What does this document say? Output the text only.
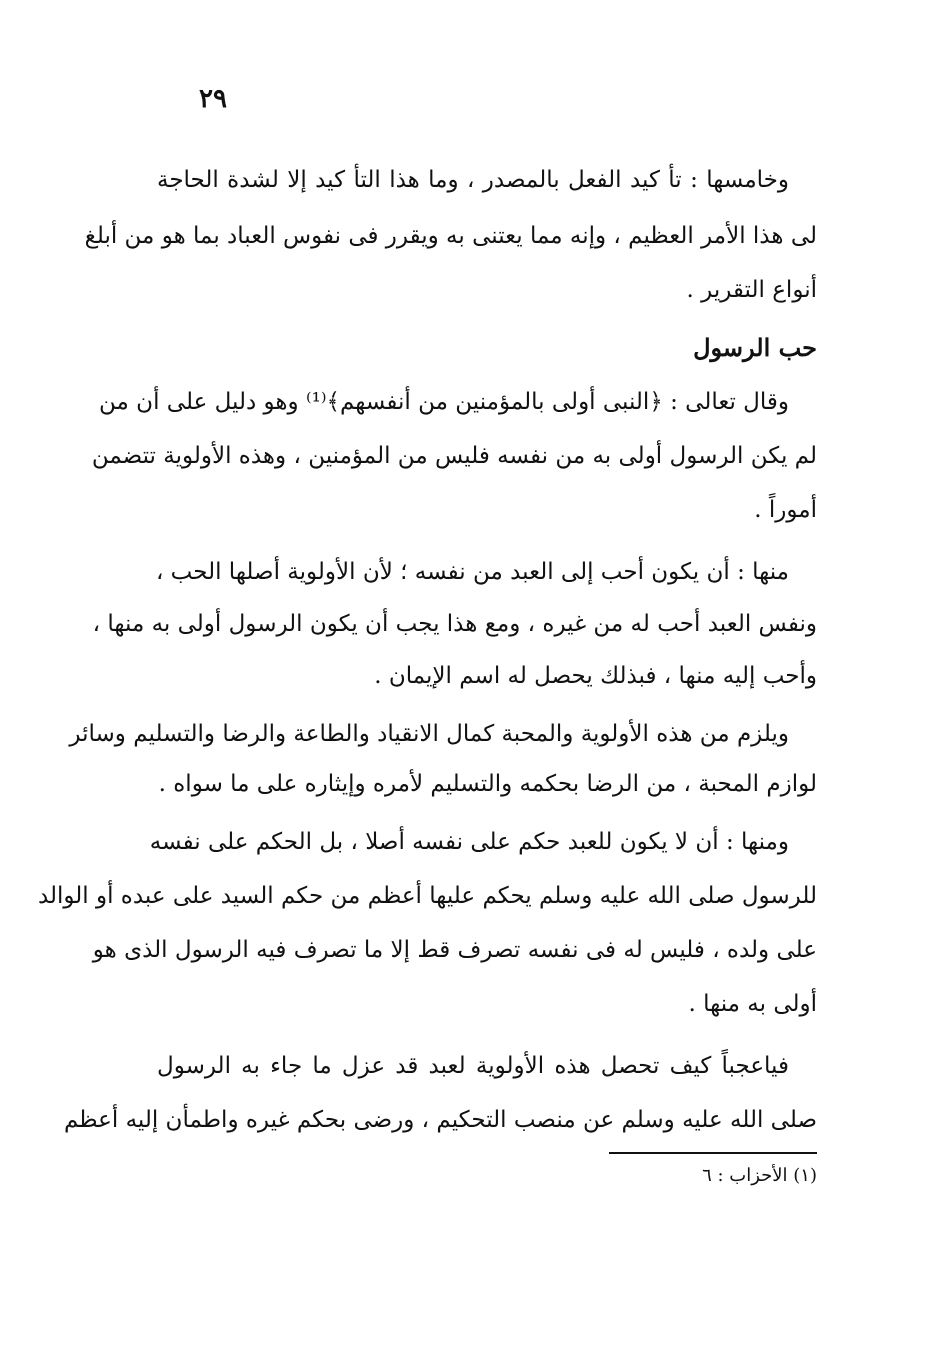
٢٩
وخامسها : تأ كيد الفعل بالمصدر ، وما هذا التأ كيد إلا لشدة الحاجة
لى هذا الأمر العظيم ، وإنه مما يعتنى به ويقرر فى نفوس العباد بما هو من أبلغ
أنواع التقرير .
حب الرسول
وقال تعالى : ﴿النبى أولى بالمؤمنين من أنفسهم﴾⁽¹⁾ وهو دليل على أن من
لم يكن الرسول أولى به من نفسه فليس من المؤمنين ، وهذه الأولوية تتضمن
أموراً .
منها : أن يكون أحب إلى العبد من نفسه ؛ لأن الأولوية أصلها الحب ،
ونفس العبد أحب له من غيره ، ومع هذا يجب أن يكون الرسول أولى به منها ،
وأحب إليه منها ، فبذلك يحصل له اسم الإيمان .
ويلزم من هذه الأولوية والمحبة كمال الانقياد والطاعة والرضا والتسليم وسائر
لوازم المحبة ، من الرضا بحكمه والتسليم لأمره وإيثاره على ما سواه .
ومنها : أن لا يكون للعبد حكم على نفسه أصلا ، بل الحكم على نفسه
للرسول صلى الله عليه وسلم يحكم عليها أعظم من حكم السيد على عبده أو الوالد
على ولده ، فليس له فى نفسه تصرف قط إلا ما تصرف فيه الرسول الذى هو
أولى به منها .
فياعجباً كيف تحصل هذه الأولوية لعبد قد عزل ما جاء به الرسول
صلى الله عليه وسلم عن منصب التحكيم ، ورضى بحكم غيره واطمأن إليه أعظم
(١) الأحزاب : ٦
